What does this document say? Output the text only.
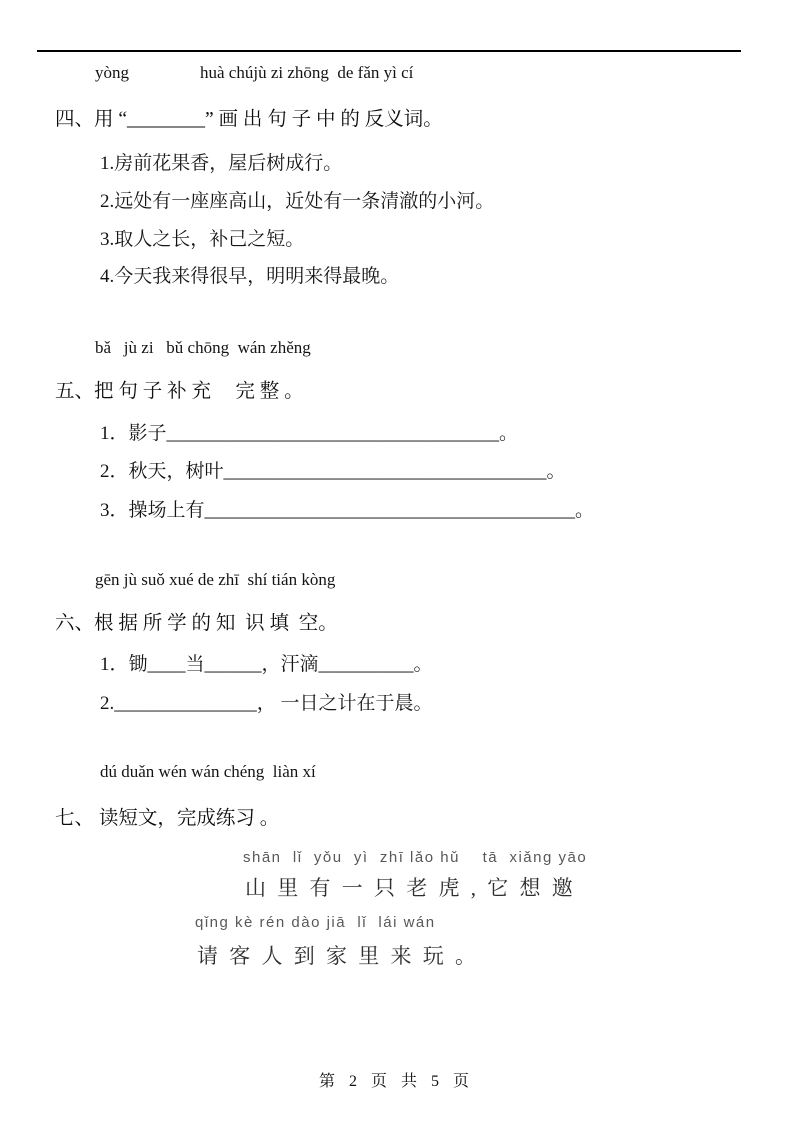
yòng	huà chújù zi zhōng  de fǎn yì cí
四、用 “________” 画 出 句 子 中 的 反义词。
1.房前花果香，屋后树成行。
2.远处有一座座高山，近处有一条清澈的小河。
3.取人之长，补己之短。
4.今天我来得很早，明明来得最晚。
bǎ   jù zi   bǔ chōng  wán zhěng
五、把 句 子 补 充　 完 整 。
1．影子___________________________________。
2．秋天，树叶__________________________________。
3．操场上有_______________________________________。
gēn jù suǒ xué de zhī  shí tián kòng
六、根 据 所 学 的 知  识 填  空。
1．锄____当______，汗滴__________。
2._______________， 一日之计在于晨。
dú duǎn wén wán chéng  liàn xí
七、 读短文，完成练习 。
shān  lǐ  yǒu  yì  zhī lǎo hǔ    tā  xiǎng yāo
山 里 有 一 只 老 虎 , 它 想 邀
qǐng kè rén dào jiā  lǐ  lái wán
请 客 人 到 家 里 来 玩 。
第 2 页 共 5 页
